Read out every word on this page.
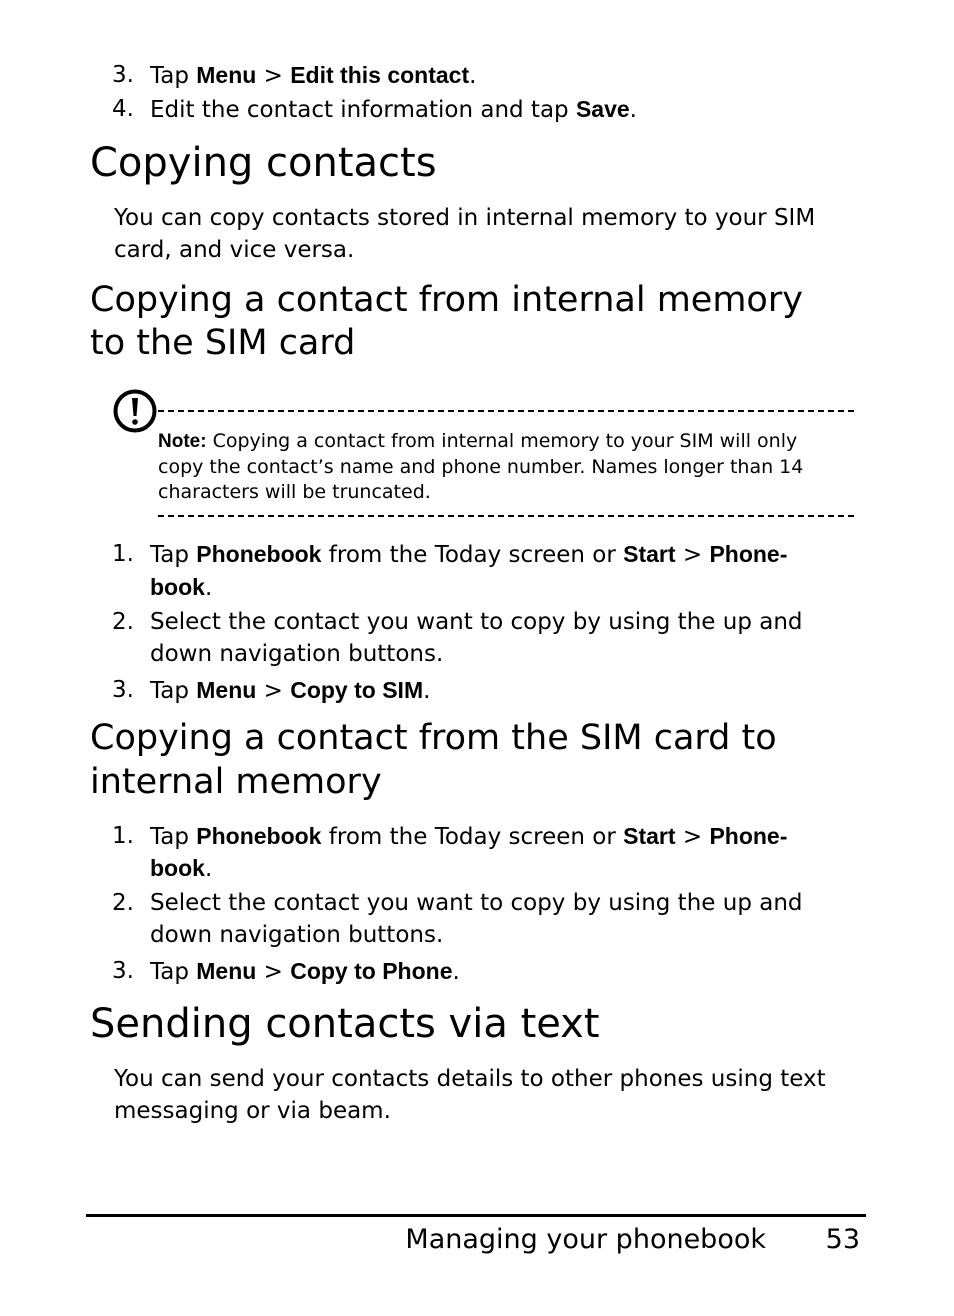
3. Tap Menu > Edit this contact.
4. Edit the contact information and tap Save.
Copying contacts
You can copy contacts stored in internal memory to your SIM
card, and vice versa.
Copying a contact from internal memory
to the SIM card
Note: Copying a contact from internal memory to your SIM will only
copy the contact’s name and phone number. Names longer than 14
characters will be truncated.
1. Tap Phonebook from the Today screen or Start > Phone-
book.
2. Select the contact you want to copy by using the up and
down navigation buttons.
3. Tap Menu > Copy to SIM.
Copying a contact from the SIM card to
internal memory
1. Tap Phonebook from the Today screen or Start > Phone-
book.
2. Select the contact you want to copy by using the up and
down navigation buttons.
3. Tap Menu > Copy to Phone.
Sending contacts via text
You can send your contacts details to other phones using text
messaging or via beam.
Managing your phonebook 53
